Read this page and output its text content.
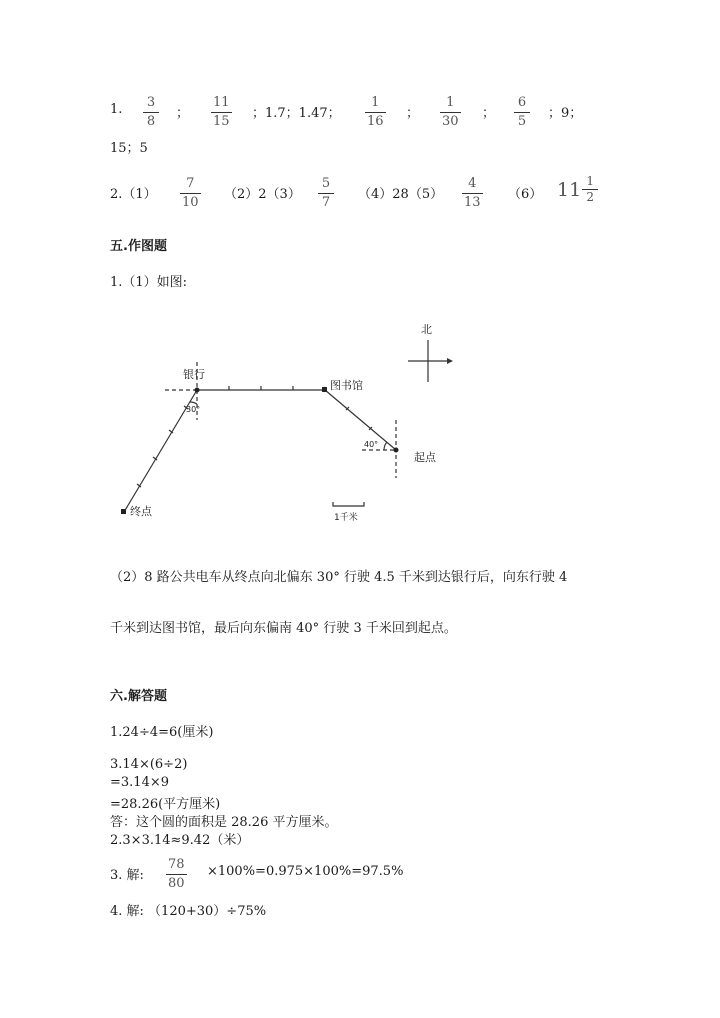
1. 3
8
；
11
15
；1.7；1.47；
1
16
；
1
30
；
6
5
；9；
15；5
2.（1）
7
10
（2）2（3）
5
7
（4）28（5）
4
13
（6） $11 \frac{1}{2}$
五.作图题
1.（1）如图:
北
银行
图书馆
起点
终点
30°
40°
1千米
（2）8 路公共电车从终点向北偏东 30° 行驶 4.5 千米到达银行后，向东行驶 4
千米到达图书馆，最后向东偏南 40° 行驶 3 千米回到起点。
六.解答题
1.24÷4=6(厘米)
3.14×(6÷2)
=3.14×9
=28.26(平方厘米)
答：这个圆的面积是 28.26 平方厘米。
2.3×3.14≈9.42（米）
3. 解:
78
80
×100%=0.975×100%=97.5%
4. 解: （120+30）÷75%
